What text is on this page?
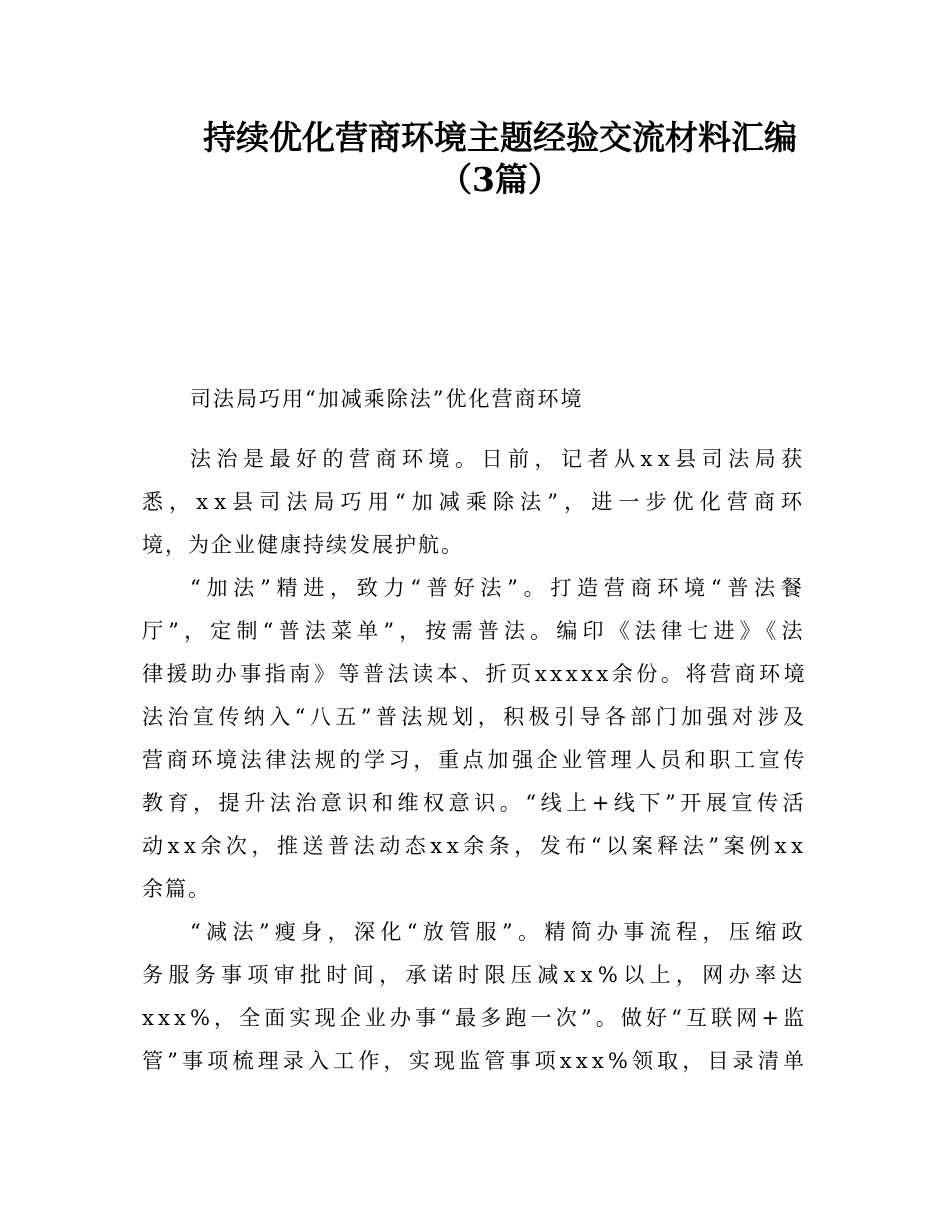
持续优化营商环境主题经验交流材料汇编
（3篇）
司法局巧用“加减乘除法”优化营商环境
法治是最好的营商环境。日前，记者从xx县司法局获
悉，xx县司法局巧用“加减乘除法”，进一步优化营商环
境，为企业健康持续发展护航。
“加法”精进，致力“普好法”。打造营商环境“普法餐
厅”，定制“普法菜单”，按需普法。编印《法律七进》《法
律援助办事指南》等普法读本、折页xxxxx余份。将营商环境
法治宣传纳入“八五”普法规划，积极引导各部门加强对涉及
营商环境法律法规的学习，重点加强企业管理人员和职工宣传
教育，提升法治意识和维权意识。“线上+线下”开展宣传活
动xx余次，推送普法动态xx余条，发布“以案释法”案例xx
余篇。
“减法”瘦身，深化“放管服”。精简办事流程，压缩政
务服务事项审批时间，承诺时限压减xx%以上，网办率达
xxx%，全面实现企业办事“最多跑一次”。做好“互联网+监
管”事项梳理录入工作，实现监管事项xxx%领取，目录清单
